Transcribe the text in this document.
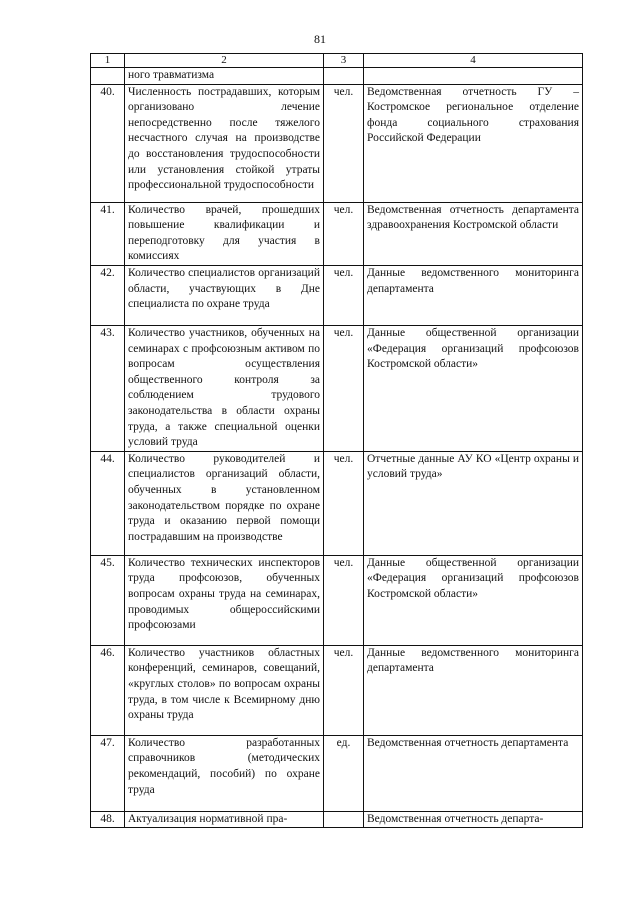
81
1	2	3	4
	ного травматизма		
40.	Численность пострадавших, которым организовано лечение непосредственно после тяжелого несчастного случая на производстве до восстановления трудоспособности или установления стойкой утраты профессиональной трудоспособности	чел.	Ведомственная отчетность ГУ – Костромское региональное отделение фонда социального страхования Российской Федерации
41.	Количество врачей, прошедших повышение квалификации и переподготовку для участия в комиссиях	чел.	Ведомственная отчетность департамента здравоохранения Костромской области
42.	Количество специалистов организаций области, участвующих в Дне специалиста по охране труда	чел.	Данные ведомственного мониторинга департамента
43.	Количество участников, обученных на семинарах с профсоюзным активом по вопросам осуществления общественного контроля за соблюдением трудового законодательства в области охраны труда, а также специальной оценки условий труда	чел.	Данные общественной организации «Федерация организаций профсоюзов Костромской области»
44.	Количество руководителей и специалистов организаций области, обученных в установленном законодательством порядке по охране труда и оказанию первой помощи пострадавшим на производстве	чел.	Отчетные данные АУ КО «Центр охраны и условий труда»
45.	Количество технических инспекторов труда профсоюзов, обученных вопросам охраны труда на семинарах, проводимых общероссийскими профсоюзами	чел.	Данные общественной организации «Федерация организаций профсоюзов Костромской области»
46.	Количество участников областных конференций, семинаров, совещаний, «круглых столов» по вопросам охраны труда, в том числе к Всемирному дню охраны труда	чел.	Данные ведомственного мониторинга департамента
47.	Количество разработанных справочников (методических рекомендаций, пособий) по охране труда	ед.	Ведомственная отчетность департамента
48.	Актуализация нормативной пра-		Ведомственная отчетность департа-
